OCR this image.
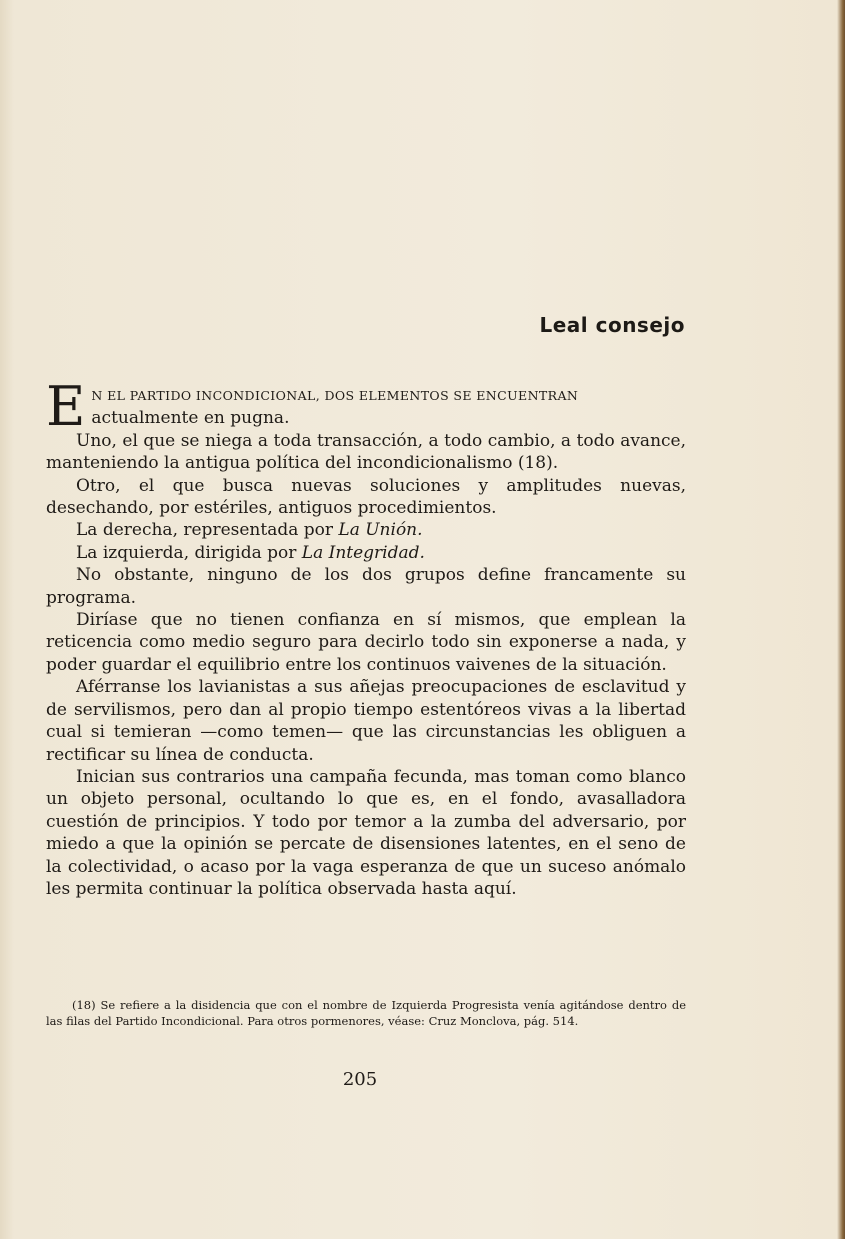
Leal consejo

E N EL PARTIDO INCONDICIONAL, DOS ELEMENTOS SE ENCUENTRAN
actualmente en pugna.

Uno, el que se niega a toda transacción, a todo cambio, a todo avance, manteniendo la antigua política del incondicionalismo (18).

Otro, el que busca nuevas soluciones y amplitudes nuevas, desechando, por estériles, antiguos procedimientos.

La derecha, representada por La Unión.

La izquierda, dirigida por La Integridad.

No obstante, ninguno de los dos grupos define francamente su programa.

Diríase que no tienen confianza en sí mismos, que emplean la reticencia como medio seguro para decirlo todo sin exponerse a nada, y poder guardar el equilibrio entre los continuos vaivenes de la situación.

Aférranse los lavianistas a sus añejas preocupaciones de esclavitud y de servilismos, pero dan al propio tiempo estentóreos vivas a la libertad cual si temieran —como temen— que las circunstancias les obliguen a rectificar su línea de conducta.

Inician sus contrarios una campaña fecunda, mas toman como blanco un objeto personal, ocultando lo que es, en el fondo, avasalladora cuestión de principios. Y todo por temor a la zumba del adversario, por miedo a que la opinión se percate de disensiones latentes, en el seno de la colectividad, o acaso por la vaga esperanza de que un suceso anómalo les permita continuar la política observada hasta aquí.

(18) Se refiere a la disidencia que con el nombre de Izquierda Progresista venía agitándose dentro de las filas del Partido Incondicional. Para otros pormenores, véase: Cruz Monclova, pág. 514.

205
